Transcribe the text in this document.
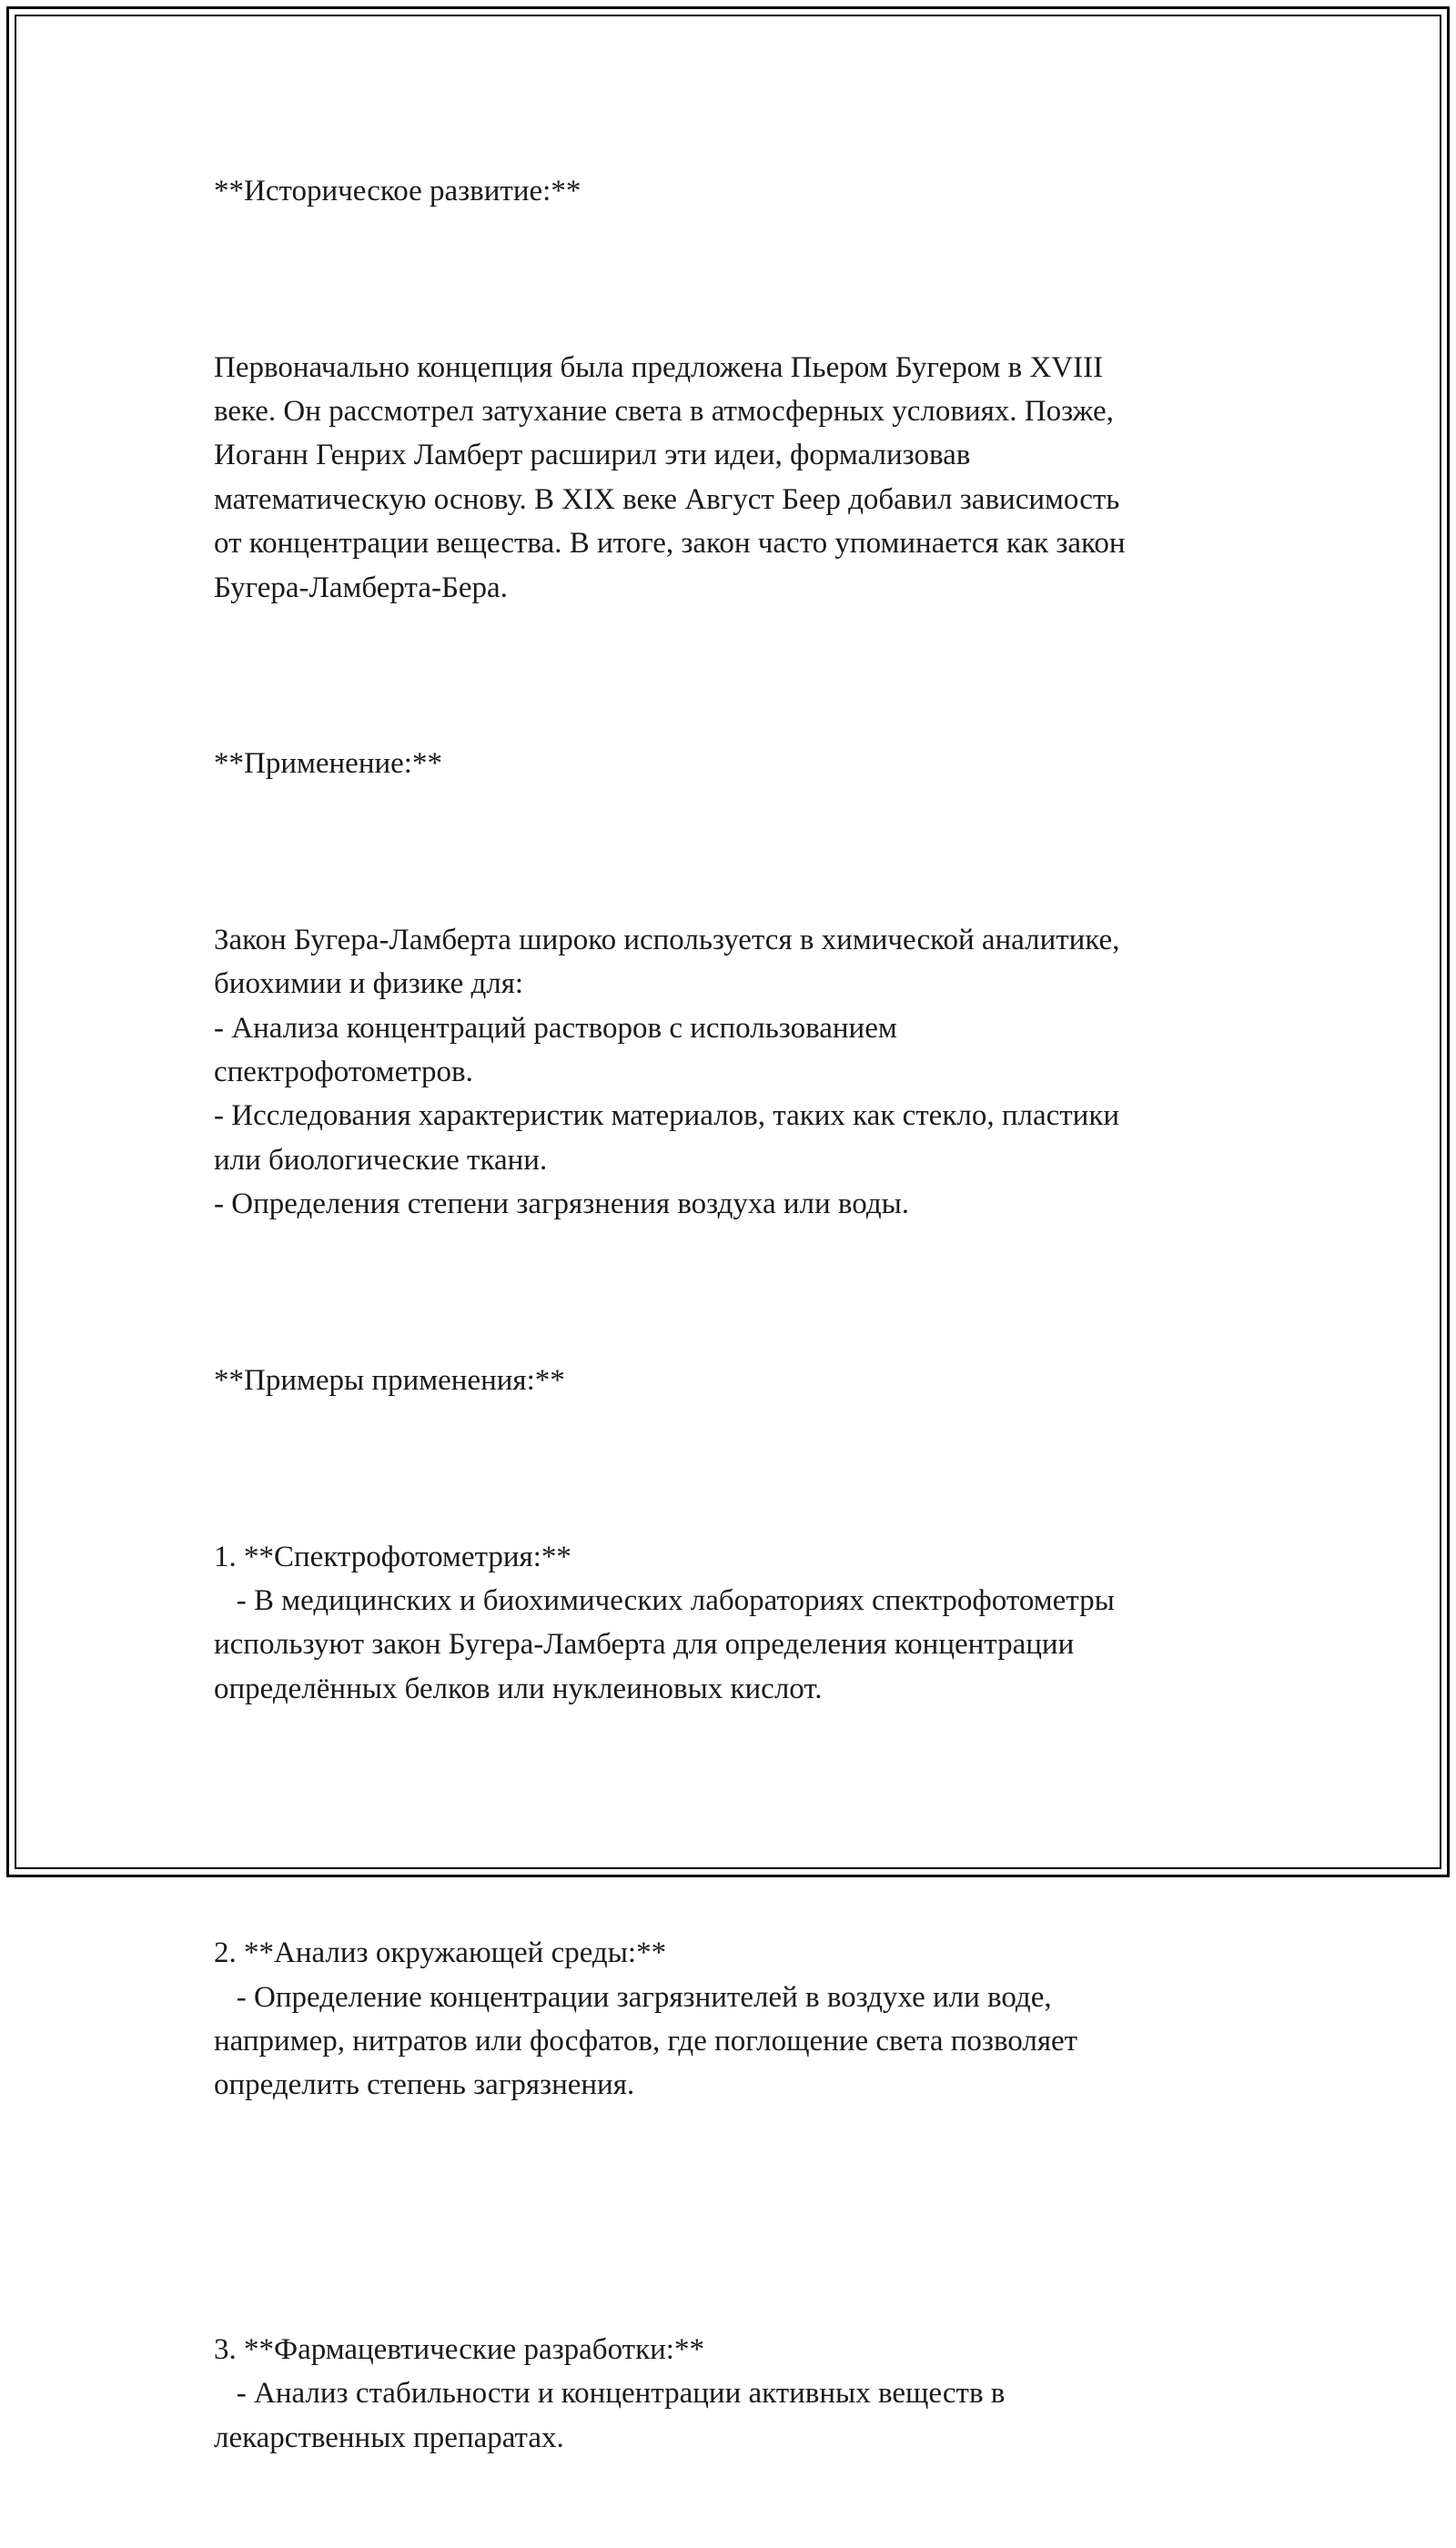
**Историческое развитие:**

Первоначально концепция была предложена Пьером Бугером в XVIII
веке. Он рассмотрел затухание света в атмосферных условиях. Позже,
Иоганн Генрих Ламберт расширил эти идеи, формализовав
математическую основу. В XIX веке Август Беер добавил зависимость
от концентрации вещества. В итоге, закон часто упоминается как закон
Бугера-Ламберта-Бера.

**Применение:**

Закон Бугера-Ламберта широко используется в химической аналитике,
биохимии и физике для:
- Анализа концентраций растворов с использованием
спектрофотометров.
- Исследования характеристик материалов, таких как стекло, пластики
или биологические ткани.
- Определения степени загрязнения воздуха или воды.

**Примеры применения:**

1. **Спектрофотометрия:**
- В медицинских и биохимических лабораториях спектрофотометры
используют закон Бугера-Ламберта для определения концентрации
определённых белков или нуклеиновых кислот.

2. **Анализ окружающей среды:**
- Определение концентрации загрязнителей в воздухе или воде,
например, нитратов или фосфатов, где поглощение света позволяет
определить степень загрязнения.

3. **Фармацевтические разработки:**
- Анализ стабильности и концентрации активных веществ в
лекарственных препаратах.
